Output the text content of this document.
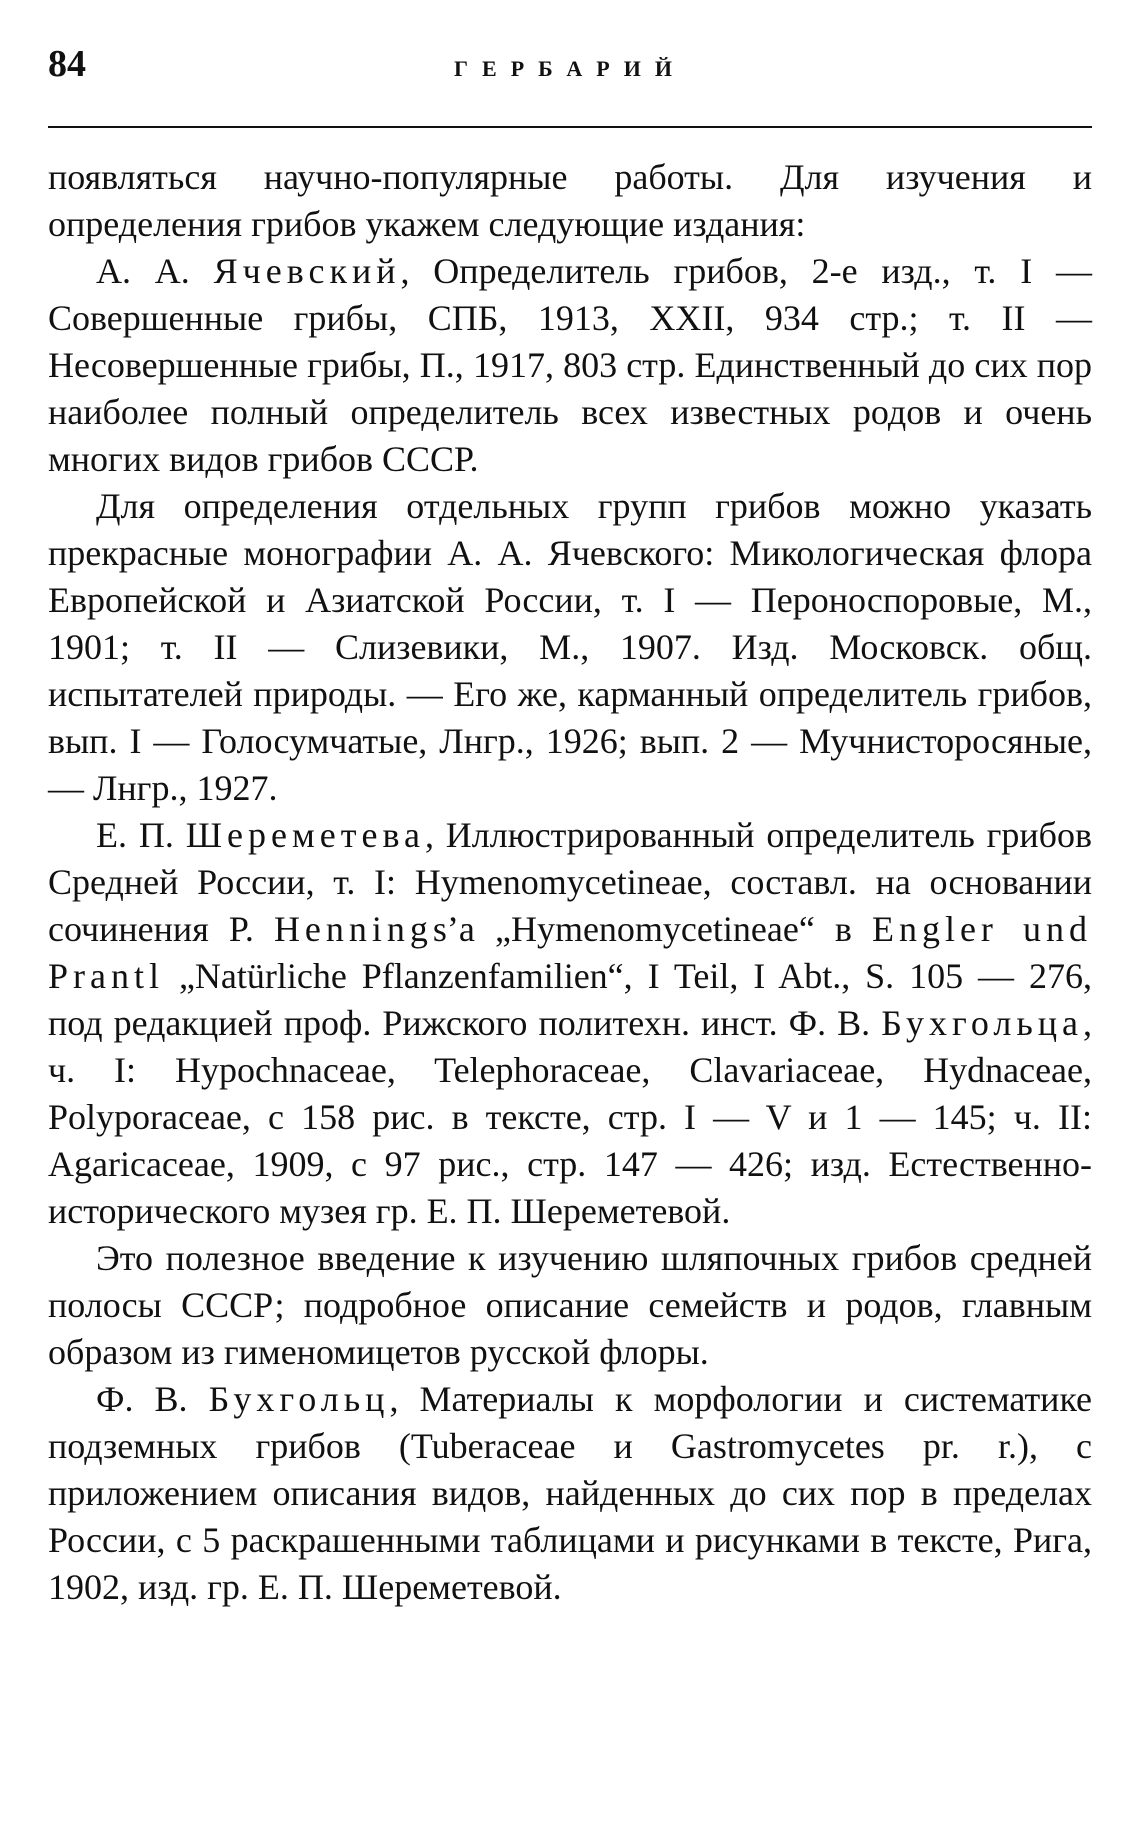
84	ГЕРБАРИЙ

появляться научно-популярные работы. Для изучения и определения грибов укажем следующие издания:

А. А. Ячевский, Определитель грибов, 2-е изд., т. I — Совершенные грибы, СПБ, 1913, XXII, 934 стр.; т. II — Несовершенные грибы, П., 1917, 803 стр. Единственный до сих пор наиболее полный определитель всех известных родов и очень многих видов грибов СССР.

Для определения отдельных групп грибов можно указать прекрасные монографии А. А. Ячевского: Микологическая флора Европейской и Азиатской России, т. I — Пероноспоровые, М., 1901; т. II — Слизевики, М., 1907. Изд. Московск. общ. испытателей природы. — Его же, карманный определитель грибов, вып. I — Голосумчатые, Лнгр., 1926; вып. 2 — Мучнисторосяные, — Лнгр., 1927.

Е. П. Шереметева, Иллюстрированный определитель грибов Средней России, т. I: Hymenomycetineae, составл. на основании сочинения P. Hennings’a „Hymenomycetineae“ в Engler und Prantl „Natürliche Pflanzenfamilien“, I Teil, I Abt., S. 105 — 276, под редакцией проф. Рижского политехн. инст. Ф. В. Бухгольца, ч. I: Hypochnaceae, Telephoraceae, Clavariaceae, Hydnaceae, Polyporaceae, с 158 рис. в тексте, стр. I — V и 1 — 145; ч. II: Agaricaceae, 1909, с 97 рис., стр. 147 — 426; изд. Естественно-исторического музея гр. Е. П. Шереметевой.

Это полезное введение к изучению шляпочных грибов средней полосы СССР; подробное описание семейств и родов, главным образом из гименомицетов русской флоры.

Ф. В. Бухгольц, Материалы к морфологии и систематике подземных грибов (Tuberaceae и Gastromycetes pr. r.), с приложением описания видов, найденных до сих пор в пределах России, с 5 раскрашенными таблицами и рисунками в тексте, Рига, 1902, изд. гр. Е. П. Шереметевой.
